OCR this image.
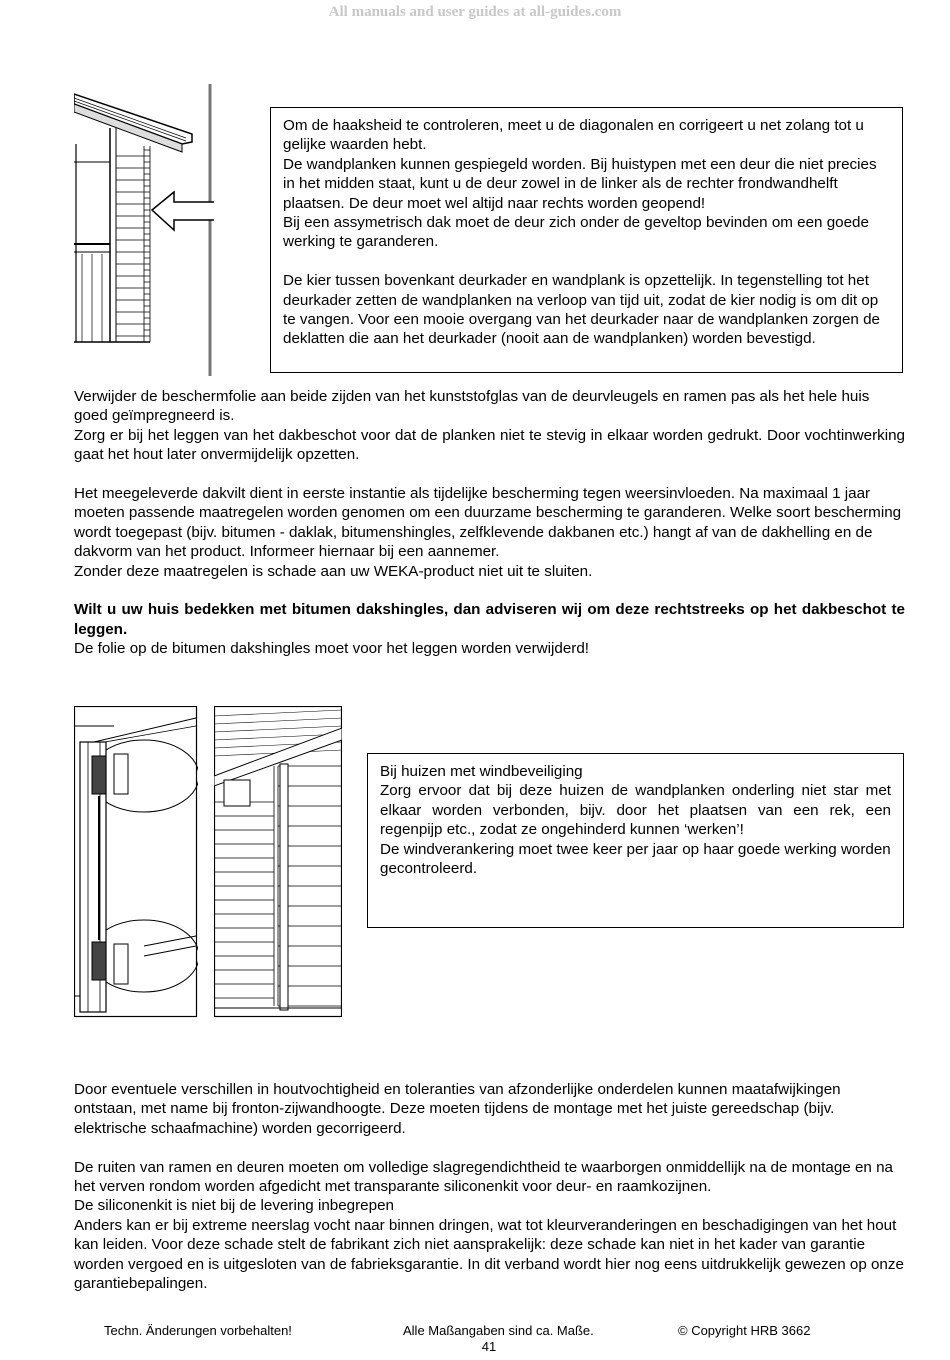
All manuals and user guides at all-guides.com

Om de haaksheid te controleren, meet u de diagonalen en corrigeert u net zolang tot u gelijke waarden hebt.

De wandplanken kunnen gespiegeld worden. Bij huistypen met een deur die niet precies in het midden staat, kunt u de deur zowel in de linker als de rechter frondwandhelft plaatsen. De deur moet wel altijd naar rechts worden geopend!

Bij een assymetrisch dak moet de deur zich onder de geveltop bevinden om een goede werking te garanderen.

De kier tussen bovenkant deurkader en wandplank is opzettelijk. In tegenstelling tot het deurkader zetten de wandplanken na verloop van tijd uit, zodat de kier nodig is om dit op te vangen. Voor een mooie overgang van het deurkader naar de wandplanken zorgen de deklatten die aan het deurkader (nooit aan de wandplanken) worden bevestigd.

Verwijder de beschermfolie aan beide zijden van het kunststofglas van de deurvleugels en ramen pas als het hele huis goed geïmpregneerd is.

Zorg er bij het leggen van het dakbeschot voor dat de planken niet te stevig in elkaar worden gedrukt. Door vochtinwerking gaat het hout later onvermijdelijk opzetten.

Het meegeleverde dakvilt dient in eerste instantie als tijdelijke bescherming tegen weersinvloeden. Na maximaal 1 jaar moeten passende maatregelen worden genomen om een duurzame bescherming te garanderen. Welke soort bescherming wordt toegepast (bijv. bitumen - daklak, bitumenshingles, zelfklevende dakbanen etc.) hangt af van de dakhelling en de dakvorm van het product. Informeer hiernaar bij een aannemer.

Zonder deze maatregelen is schade aan uw WEKA-product niet uit te sluiten.

Wilt u uw huis bedekken met bitumen dakshingles, dan adviseren wij om deze rechtstreeks op het dakbeschot te leggen.

De folie op de bitumen dakshingles moet voor het leggen worden verwijderd!

Bij huizen met windbeveiliging

Zorg ervoor dat bij deze huizen de wandplanken onderling niet star met elkaar worden verbonden, bijv. door het plaatsen van een rek, een regenpijp etc., zodat ze ongehinderd kunnen ‘werken’!

De windverankering moet twee keer per jaar op haar goede werking worden gecontroleerd.

Door eventuele verschillen in houtvochtigheid en toleranties van afzonderlijke onderdelen kunnen maatafwijkingen ontstaan, met name bij fronton-zijwandhoogte. Deze moeten tijdens de montage met het juiste gereedschap (bijv. elektrische schaafmachine) worden gecorrigeerd.

De ruiten van ramen en deuren moeten om volledige slagregendichtheid te waarborgen onmiddellijk na de montage en na het verven rondom worden afgedicht met transparante siliconenkit voor deur- en raamkozijnen.

De siliconenkit is niet bij de levering inbegrepen

Anders kan er bij extreme neerslag vocht naar binnen dringen, wat tot kleurveranderingen en beschadigingen van het hout kan leiden. Voor deze schade stelt de fabrikant zich niet aansprakelijk: deze schade kan niet in het kader van garantie worden vergoed en is uitgesloten van de fabrieksgarantie. In dit verband wordt hier nog eens uitdrukkelijk gewezen op onze garantiebepalingen.

Techn. Änderungen vorbehalten!	Alle Maßangaben sind ca. Maße.	© Copyright HRB 3662
41
